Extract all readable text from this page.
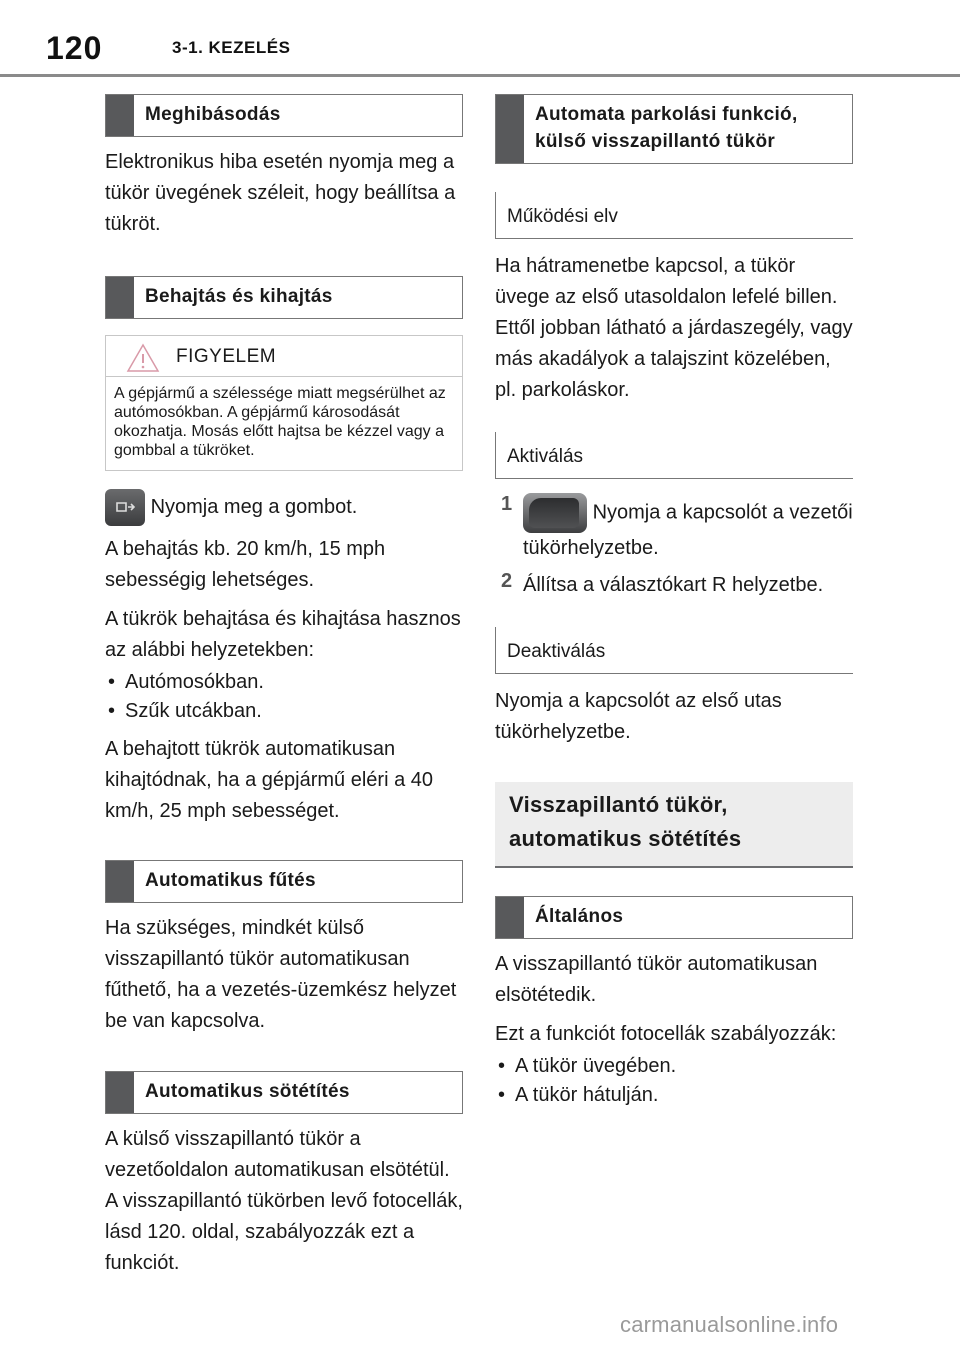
120	3-1. KEZELÉS
Meghibásodás

Elektronikus hiba esetén nyomja meg a tükör üvegének széleit, hogy beállítsa a tükröt.

Behajtás és kihajtás
FIGYELEM
A gépjármű a szélessége miatt megsérülhet az autómosókban. A gépjármű károsodását okozhatja. Mosás előtt hajtsa be kézzel vagy a gombbal a tükröket.

Nyomja meg a gombot.

A behajtás kb. 20 km/h, 15 mph sebességig lehetséges.

A tükrök behajtása és kihajtása hasznos az alábbi helyzetekben:

• Autómosókban.
• Szűk utcákban.

A behajtott tükrök automatikusan kihajtódnak, ha a gépjármű eléri a 40 km/h, 25 mph sebességet.

Automatikus fűtés

Ha szükséges, mindkét külső visszapillantó tükör automatikusan fűthető, ha a vezetés-üzemkész helyzet be van kapcsolva.

Automatikus sötétítés

A külső visszapillantó tükör a vezetőoldalon automatikusan elsötétül. A visszapillantó tükörben levő fotocellák, lásd 120. oldal, szabályozzák ezt a funkciót.

Automata parkolási funkció, külső visszapillantó tükör
Működési elv

Ha hátramenetbe kapcsol, a tükör üvege az első utasoldalon lefelé billen. Ettől jobban látható a járdaszegély, vagy más akadályok a talajszint közelében, pl. parkoláskor.

Aktiválás
1	Nyomja a kapcsolót a vezetői tükörhelyzetbe.

2 Állítsa a választókart R helyzetbe.

Deaktiválás

Nyomja a kapcsolót az első utas tükörhelyzetbe.

Visszapillantó tükör, automatikus sötétítés
Általános

A visszapillantó tükör automatikusan elsötétedik.

Ezt a funkciót fotocellák szabályozzák:

• A tükör üvegében.
• A tükör hátulján.
carmanualsonline.info
